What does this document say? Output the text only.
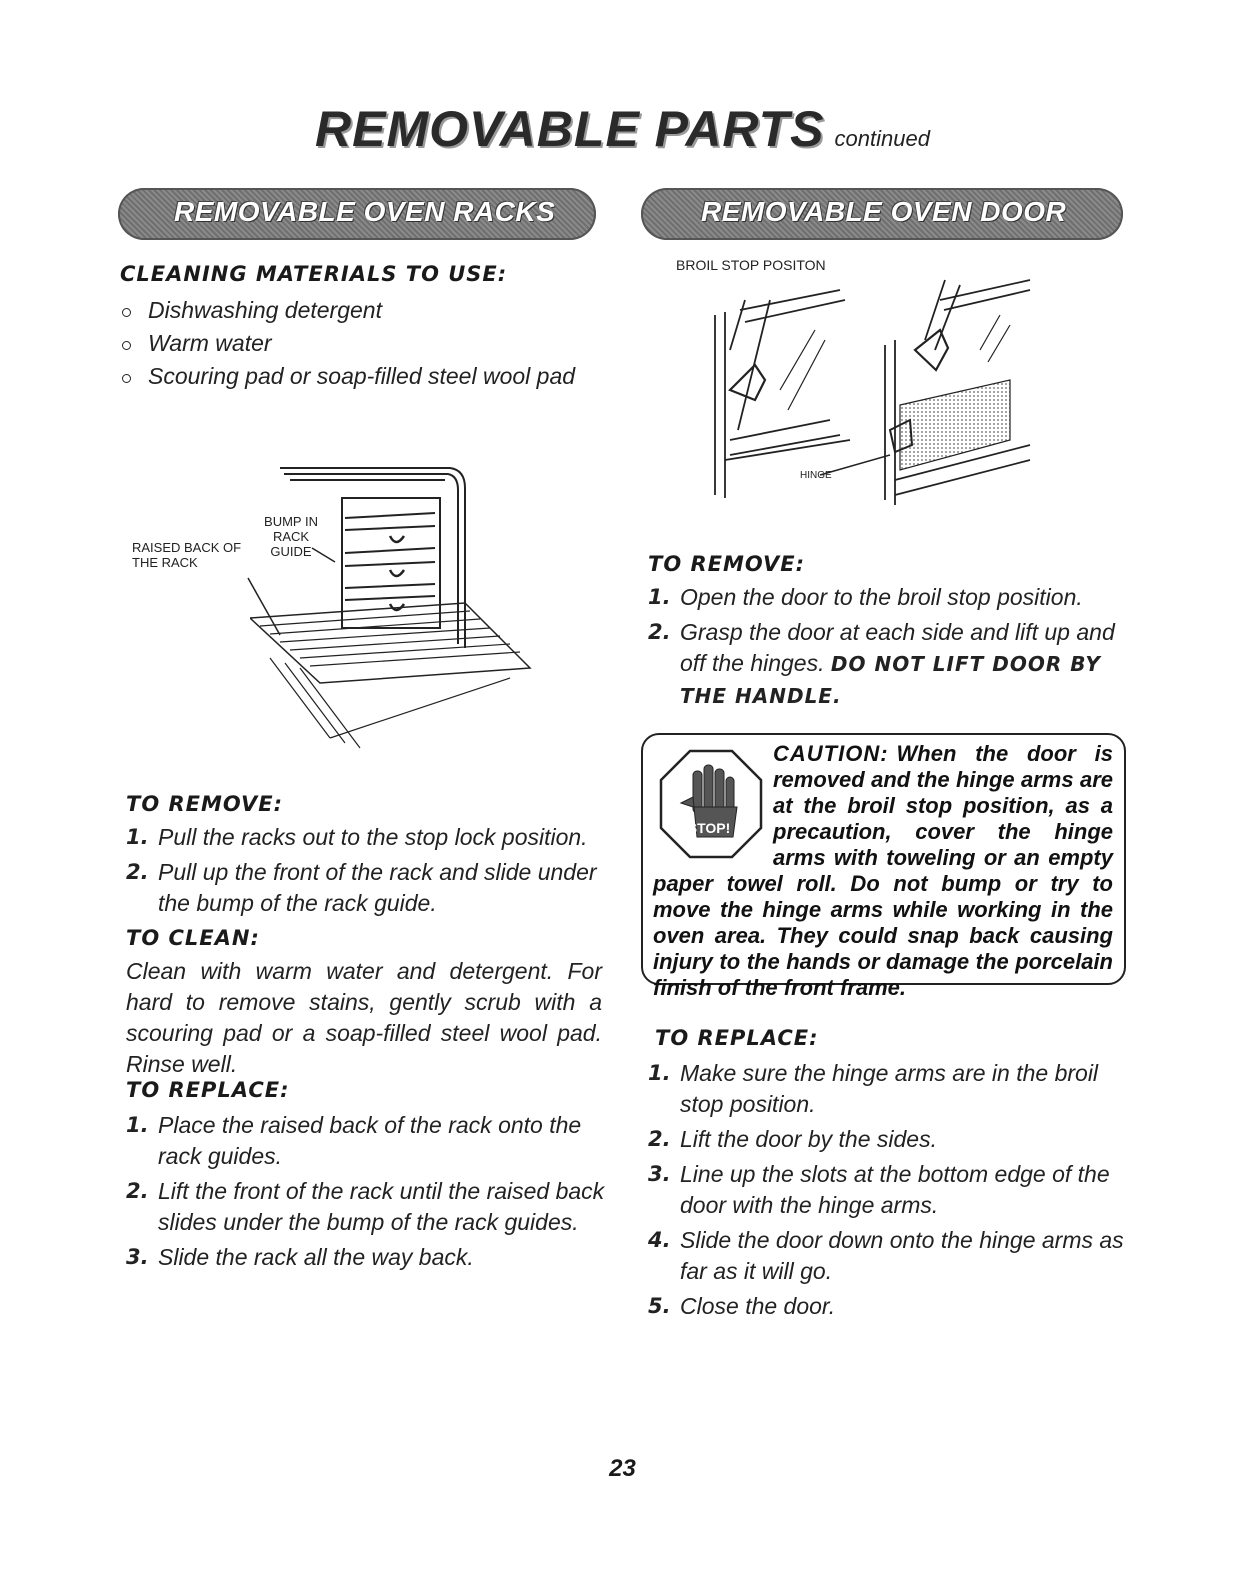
REMOVABLE PARTS continued
REMOVABLE OVEN RACKS	REMOVABLE OVEN DOOR
CLEANING MATERIALS TO USE:
Dishwashing detergent
Warm water
Scouring pad or soap-filled steel wool pad
RAISED BACK OF THE RACK
BUMP IN RACK GUIDE
TO REMOVE:
1. Pull the racks out to the stop lock position.
2. Pull up the front of the rack and slide under the bump of the rack guide.
TO CLEAN:
Clean with warm water and detergent. For hard to remove stains, gently scrub with a scouring pad or a soap-filled steel wool pad. Rinse well.
TO REPLACE:
1. Place the raised back of the rack onto the rack guides.
2. Lift the front of the rack until the raised back slides under the bump of the rack guides.
3. Slide the rack all the way back.
BROIL STOP POSITON
HINGE
TO REMOVE:
1. Open the door to the broil stop position.
2. Grasp the door at each side and lift up and off the hinges. DO NOT LIFT DOOR BY THE HANDLE.
STOP!
CAUTION: When the door is removed and the hinge arms are at the broil stop position, as a precaution, cover the hinge arms with toweling or an empty paper towel roll. Do not bump or try to move the hinge arms while working in the oven area. They could snap back causing injury to the hands or damage the porcelain finish of the front frame.
TO REPLACE:
1. Make sure the hinge arms are in the broil stop position.
2. Lift the door by the sides.
3. Line up the slots at the bottom edge of the door with the hinge arms.
4. Slide the door down onto the hinge arms as far as it will go.
5. Close the door.
23
